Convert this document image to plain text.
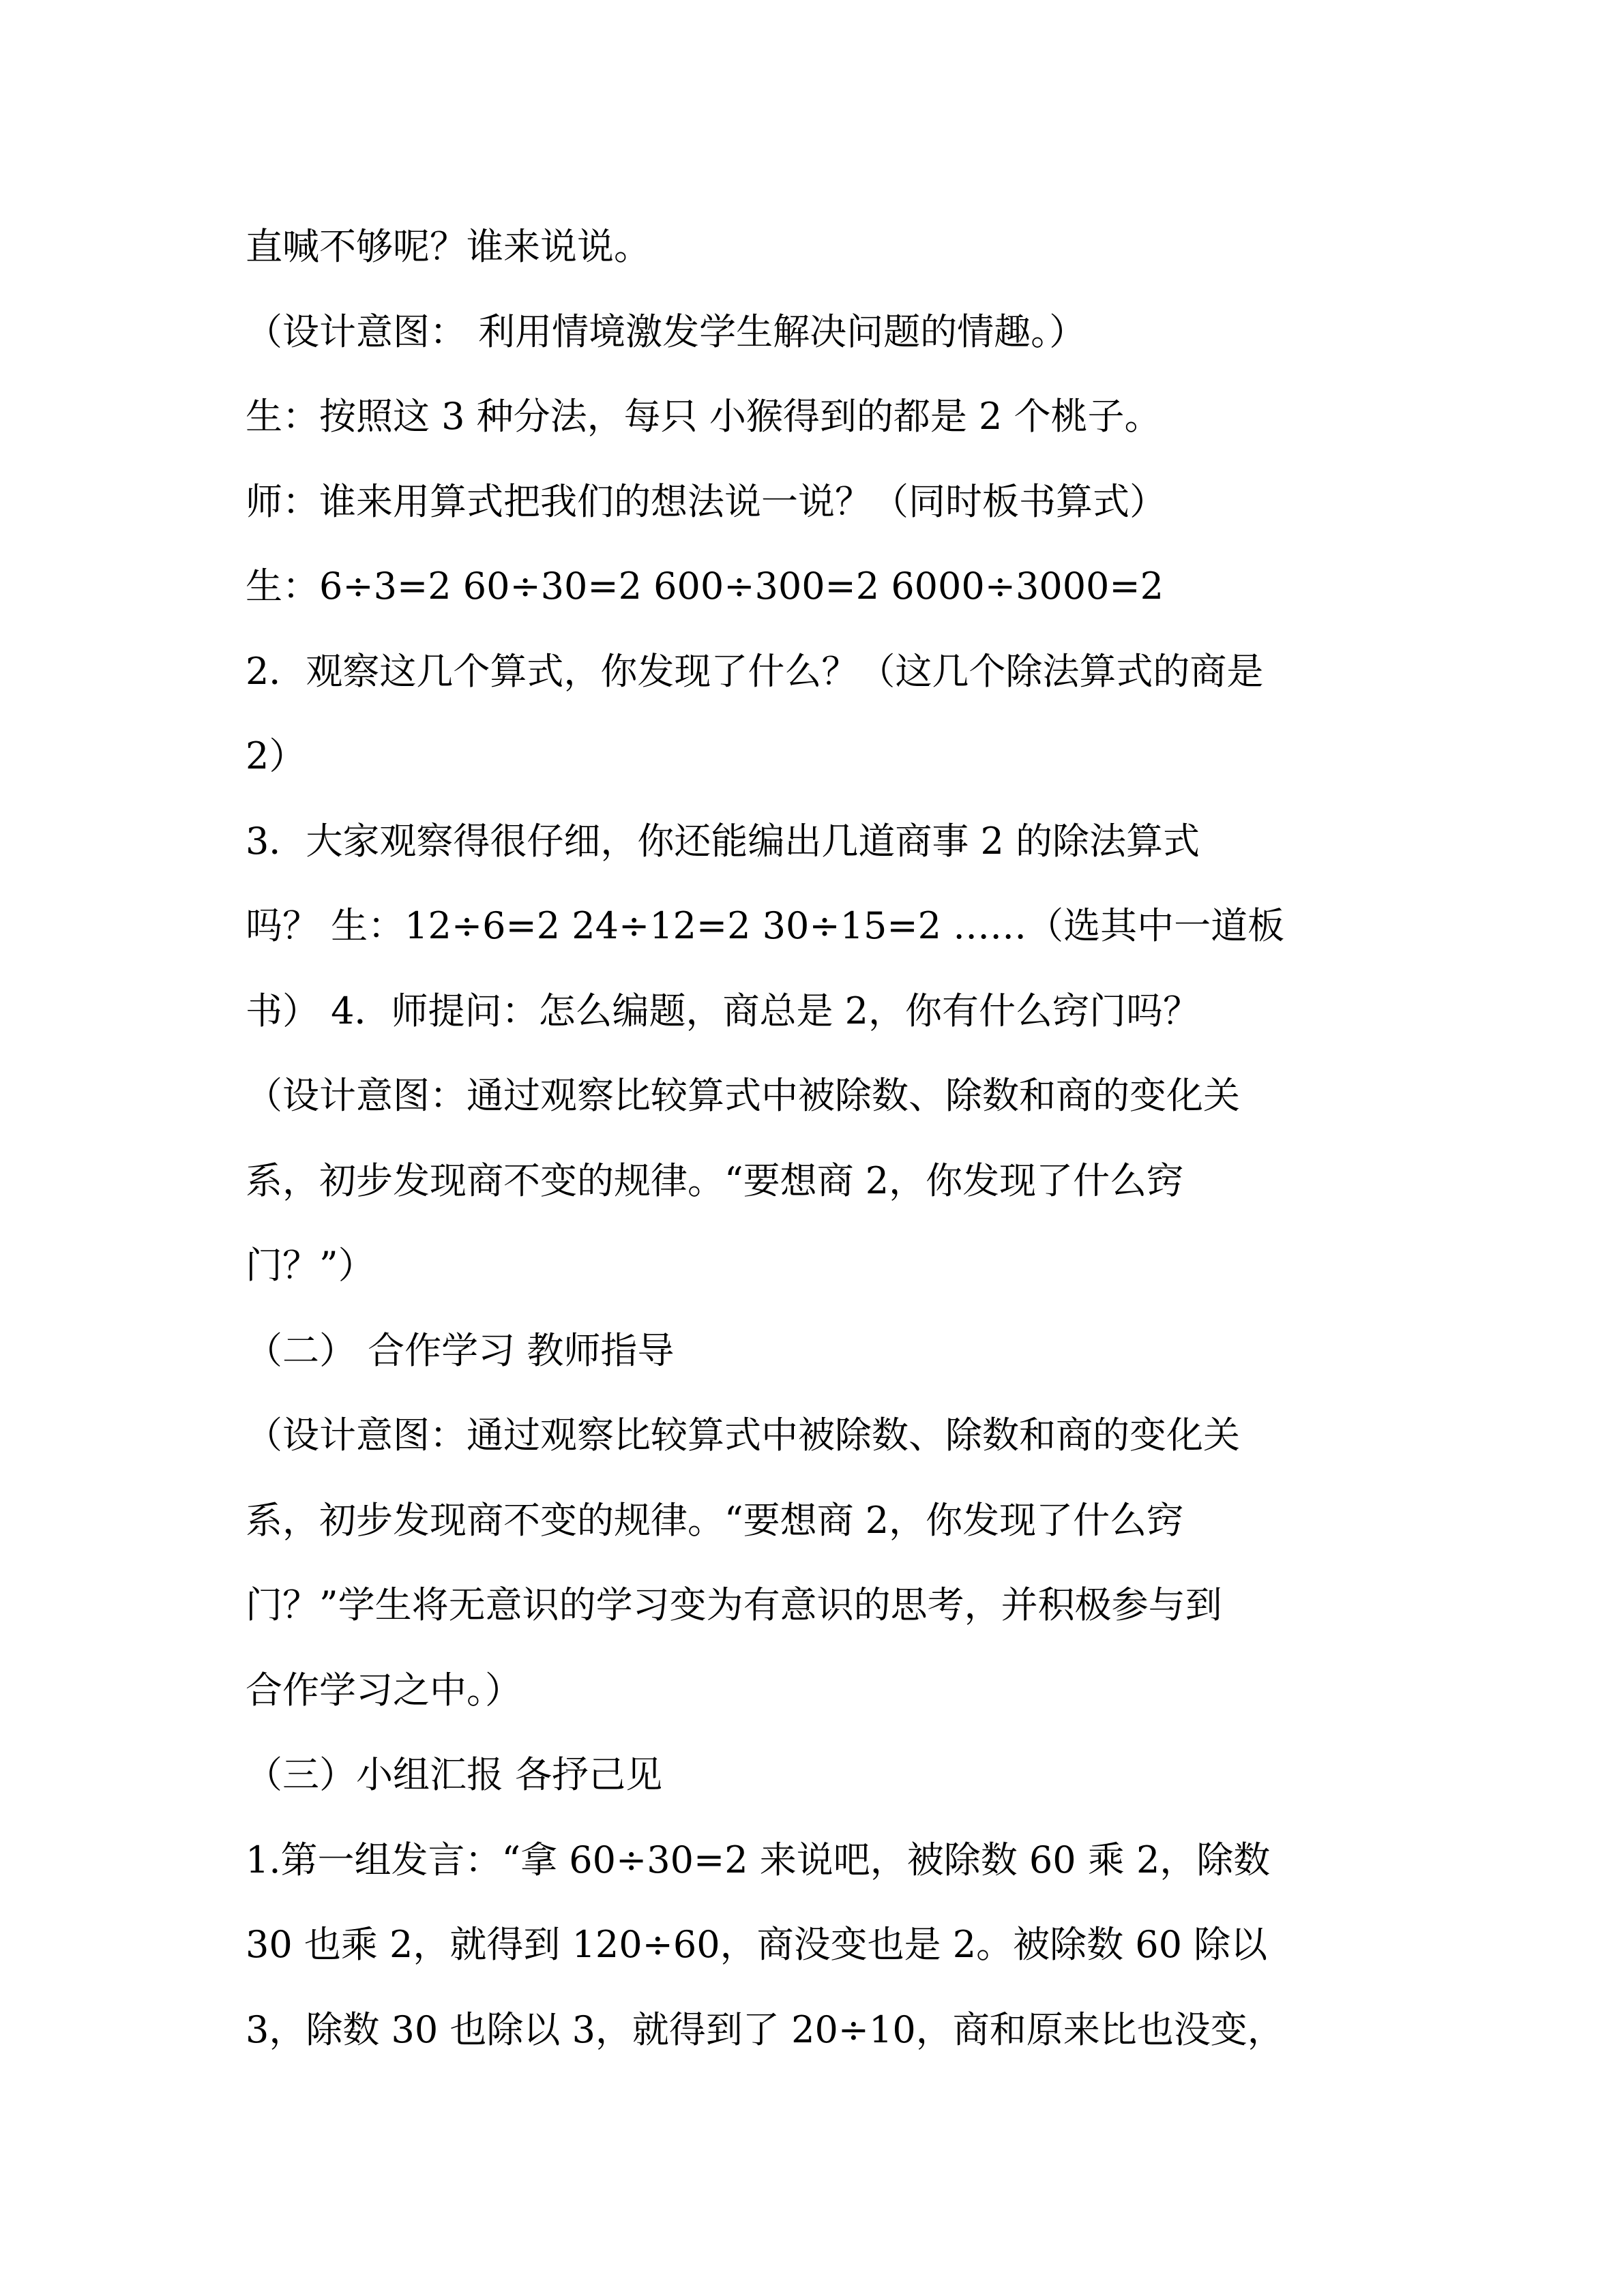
直喊不够呢？谁来说说。
（设计意图： 利用情境激发学生解决问题的情趣。）
生：按照这 3 种分法，每只 小猴得到的都是 2 个桃子。
师：谁来用算式把我们的想法说一说？（同时板书算式）
生：6÷3=2 60÷30=2 600÷300=2 6000÷3000=2
2．观察这几个算式，你发现了什么？（这几个除法算式的商是
2）
3．大家观察得很仔细，你还能编出几道商事 2 的除法算式
吗？ 生：12÷6=2 24÷12=2 30÷15=2 ……（选其中一道板
书） 4．师提问：怎么编题，商总是 2，你有什么窍门吗？
（设计意图：通过观察比较算式中被除数、除数和商的变化关
系，初步发现商不变的规律。“要想商 2，你发现了什么窍
门？”）
（二） 合作学习 教师指导
（设计意图：通过观察比较算式中被除数、除数和商的变化关
系，初步发现商不变的规律。“要想商 2，你发现了什么窍
门？”学生将无意识的学习变为有意识的思考，并积极参与到
合作学习之中。）
（三）小组汇报 各抒己见
1.第一组发言：“拿 60÷30=2 来说吧，被除数 60 乘 2，除数
30 也乘 2，就得到 120÷60，商没变也是 2。被除数 60 除以
3，除数 30 也除以 3，就得到了 20÷10，商和原来比也没变，
